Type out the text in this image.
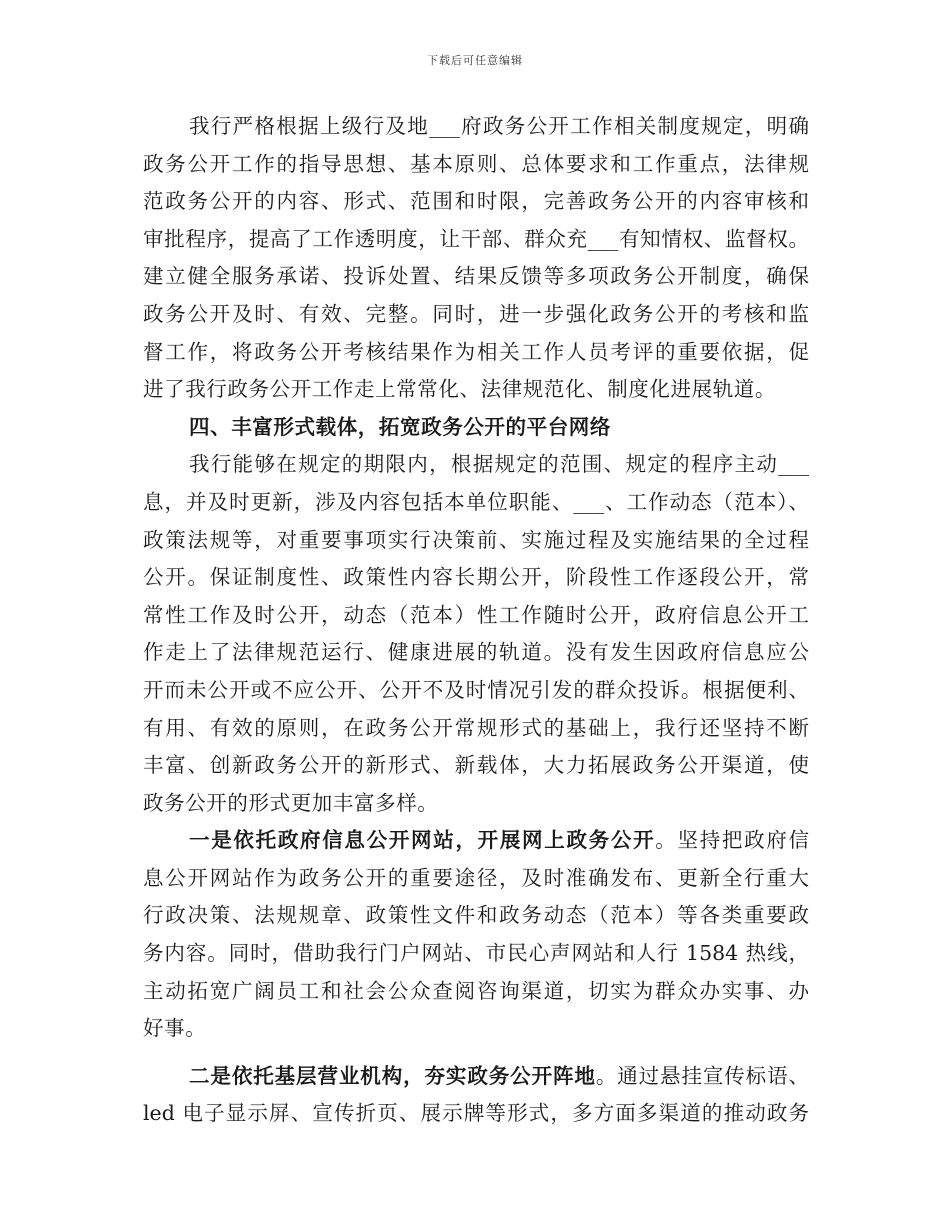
下载后可任意编辑
我行严格根据上级行及地___府政务公开工作相关制度规定，明确
政务公开工作的指导思想、基本原则、总体要求和工作重点，法律规
范政务公开的内容、形式、范围和时限，完善政务公开的内容审核和
审批程序，提高了工作透明度，让干部、群众充___有知情权、监督权。
建立健全服务承诺、投诉处置、结果反馈等多项政务公开制度，确保
政务公开及时、有效、完整。同时，进一步强化政务公开的考核和监
督工作，将政务公开考核结果作为相关工作人员考评的重要依据，促
进了我行政务公开工作走上常常化、法律规范化、制度化进展轨道。
四、丰富形式载体，拓宽政务公开的平台网络
我行能够在规定的期限内，根据规定的范围、规定的程序主动___
息，并及时更新，涉及内容包括本单位职能、___、工作动态（范本）、
政策法规等，对重要事项实行决策前、实施过程及实施结果的全过程
公开。保证制度性、政策性内容长期公开，阶段性工作逐段公开，常
常性工作及时公开，动态（范本）性工作随时公开，政府信息公开工
作走上了法律规范运行、健康进展的轨道。没有发生因政府信息应公
开而未公开或不应公开、公开不及时情况引发的群众投诉。根据便利、
有用、有效的原则，在政务公开常规形式的基础上，我行还坚持不断
丰富、创新政务公开的新形式、新载体，大力拓展政务公开渠道，使
政务公开的形式更加丰富多样。
一是依托政府信息公开网站，开展网上政务公开。坚持把政府信
息公开网站作为政务公开的重要途径，及时准确发布、更新全行重大
行政决策、法规规章、政策性文件和政务动态（范本）等各类重要政
务内容。同时，借助我行门户网站、市民心声网站和人行 1584 热线，
主动拓宽广阔员工和社会公众查阅咨询渠道，切实为群众办实事、办
好事。
二是依托基层营业机构，夯实政务公开阵地。通过悬挂宣传标语、
led 电子显示屏、宣传折页、展示牌等形式，多方面多渠道的推动政务
